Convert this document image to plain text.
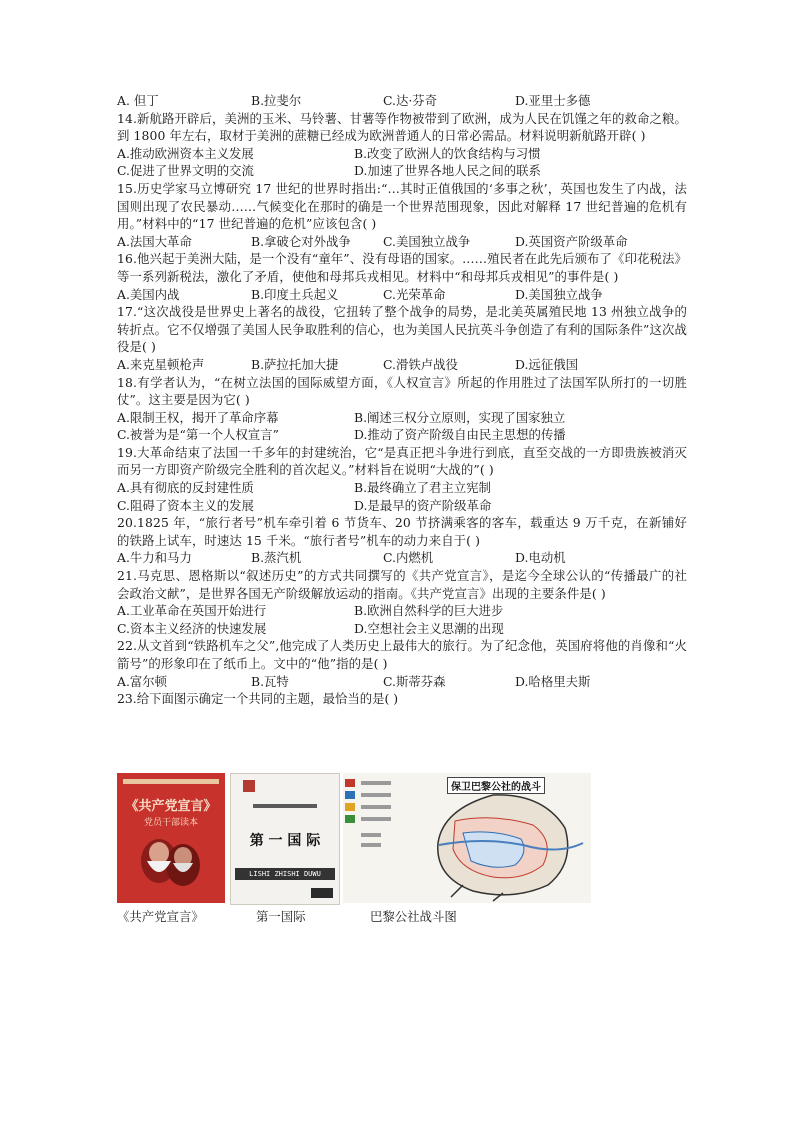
A. 但丁	B.拉斐尔	C.达·芬奇	D.亚里士多德
14.新航路开辟后，美洲的玉米、马铃薯、甘薯等作物被带到了欧洲，成为人民在饥馑之年的救命之粮。到 1800 年左右，取材于美洲的蔗糖已经成为欧洲普通人的日常必需品。材料说明新航路开辟( )
A.推动欧洲资本主义发展	B.改变了欧洲人的饮食结构与习惯
C.促进了世界文明的交流	D.加速了世界各地人民之间的联系
15.历史学家马立博研究 17 世纪的世界时指出:“…其时正值俄国的‘多事之秋’，英国也发生了内战，法国则出现了农民暴动……气候变化在那时的确是一个世界范围现象，因此对解释 17 世纪普遍的危机有用。”材料中的“17 世纪普遍的危机”应该包含( )
A.法国大革命	B.拿破仑对外战争	C.美国独立战争	D.英国资产阶级革命
16.他兴起于美洲大陆，是一个没有“童年”、没有母语的国家。……殖民者在此先后颁布了《印花税法》等一系列新税法，激化了矛盾，使他和母邦兵戎相见。材料中“和母邦兵戎相见”的事件是( )
A.美国内战	B.印度土兵起义	C.光荣革命	D.美国独立战争
17.“这次战役是世界史上著名的战役，它扭转了整个战争的局势，是北美英属殖民地 13 州独立战争的转折点。它不仅增强了美国人民争取胜利的信心，也为美国人民抗英斗争创造了有利的国际条件”这次战役是( )
A.来克星顿枪声	B.萨拉托加大捷	C.滑铁卢战役	D.远征俄国
18.有学者认为，“在树立法国的国际威望方面，《人权宣言》所起的作用胜过了法国军队所打的一切胜仗”。这主要是因为它( )
A.限制王权，揭开了革命序幕	B.阐述三权分立原则，实现了国家独立
C.被誉为是“第一个人权宣言”	D.推动了资产阶级自由民主思想的传播
19.大革命结束了法国一千多年的封建统治，它“是真正把斗争进行到底，直至交战的一方即贵族被消灭而另一方即资产阶级完全胜利的首次起义。”材料旨在说明“大战的”( )
A.具有彻底的反封建性质	B.最终确立了君主立宪制
C.阻碍了资本主义的发展	D.是最早的资产阶级革命
20.1825 年，“旅行者号”机车牵引着 6 节货车、20 节挤满乘客的客车，载重达 9 万千克，在新铺好的铁路上试车，时速达 15 千米。“旅行者号”机车的动力来自于( )
A.牛力和马力	B.蒸汽机	C.内燃机	D.电动机
21.马克思、恩格斯以“叙述历史”的方式共同撰写的《共产党宣言》，是迄今全球公认的“传播最广的社会政治文献”，是世界各国无产阶级解放运动的指南。《共产党宣言》出现的主要条件是( )
A.工业革命在英国开始进行	B.欧洲自然科学的巨大进步
C.资本主义经济的快速发展	D.空想社会主义思潮的出现
22.从文首到“铁路机车之父”,他完成了人类历史上最伟大的旅行。为了纪念他，英国府将他的肖像和“火箭号”的形象印在了纸币上。文中的“他”指的是( )
A.富尔顿	B.瓦特	C.斯蒂芬森	D.哈格里夫斯
23.给下面图示确定一个共同的主题，最恰当的是( )
《共产党宣言》
党员干部读本
第 一 国 际
LISHI ZHISHI DUWU
保卫巴黎公社的战斗
《共产党宣言》	第一国际	巴黎公社战斗图
